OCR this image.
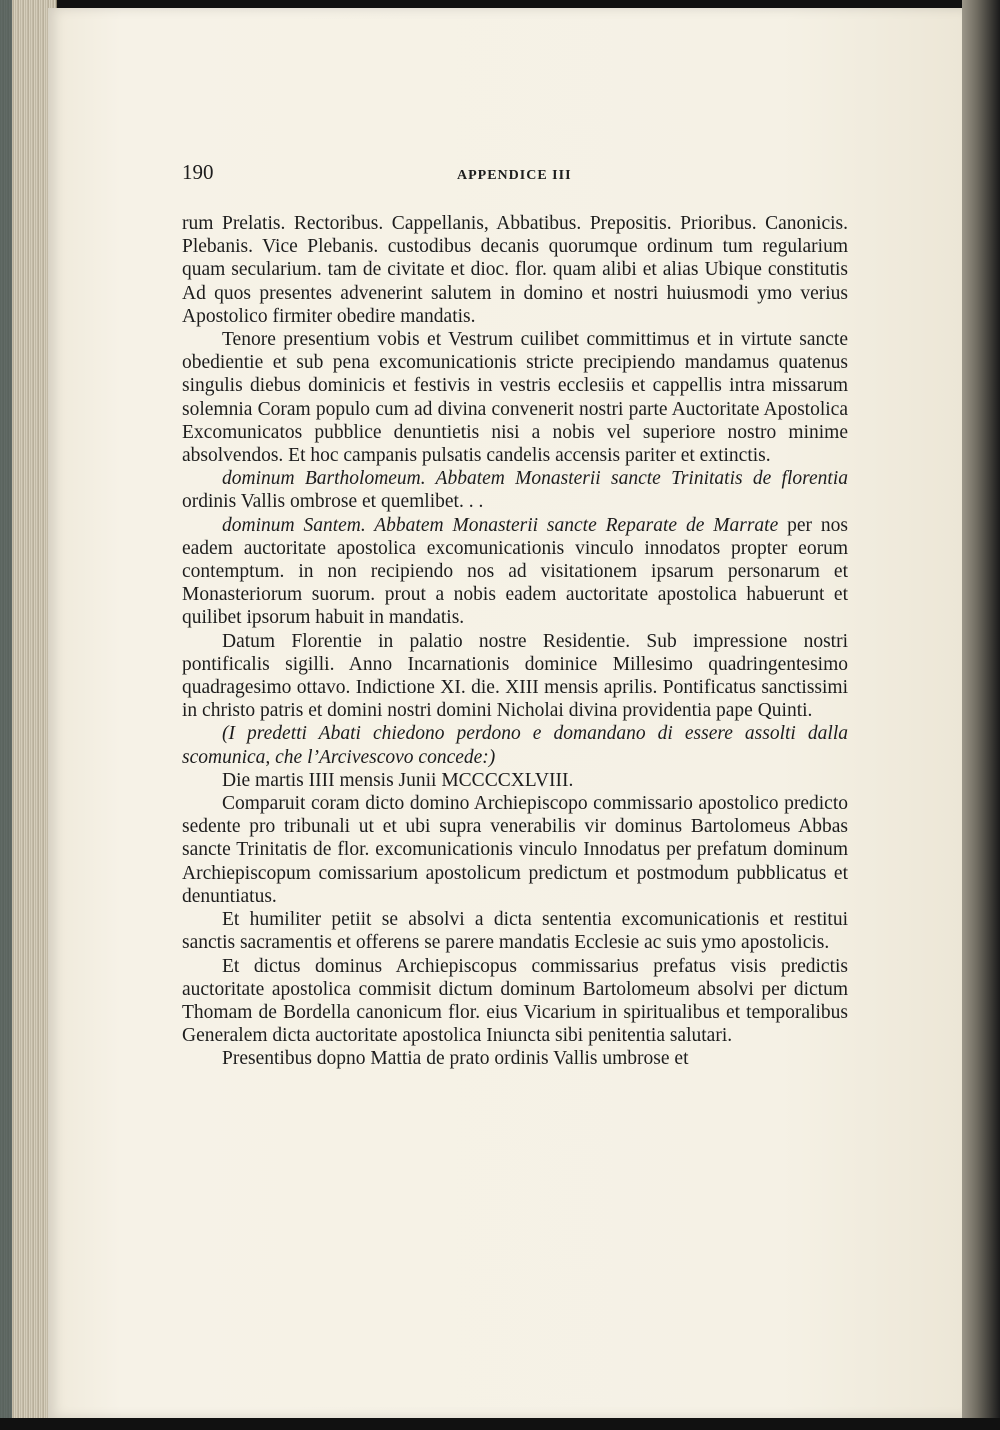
190	APPENDICE III

rum Prelatis. Rectoribus. Cappellanis, Abbatibus. Prepositis. Prioribus. Canonicis. Plebanis. Vice Plebanis. custodibus decanis quorumque ordinum tum regularium quam secularium. tam de civitate et dioc. flor. quam alibi et alias Ubique constitutis Ad quos presentes advenerint salutem in domino et nostri huiusmodi ymo verius Apostolico firmiter obedire mandatis.

Tenore presentium vobis et Vestrum cuilibet committimus et in virtute sancte obedientie et sub pena excomunicationis stricte precipiendo mandamus quatenus singulis diebus dominicis et festivis in vestris ecclesiis et cappellis intra missarum solemnia Coram populo cum ad divina convenerit nostri parte Auctoritate Apostolica Excomunicatos pubblice denuntietis nisi a nobis vel superiore nostro minime absolvendos. Et hoc campanis pulsatis candelis accensis pariter et extinctis.

dominum Bartholomeum. Abbatem Monasterii sancte Trinitatis de florentia ordinis Vallis ombrose et quemlibet. . .

dominum Santem. Abbatem Monasterii sancte Reparate de Marrate per nos eadem auctoritate apostolica excomunicationis vinculo innodatos propter eorum contemptum. in non recipiendo nos ad visitationem ipsarum personarum et Monasteriorum suorum. prout a nobis eadem auctoritate apostolica habuerunt et quilibet ipsorum habuit in mandatis.

Datum Florentie in palatio nostre Residentie. Sub impressione nostri pontificalis sigilli. Anno Incarnationis dominice Millesimo quadringentesimo quadragesimo ottavo. Indictione XI. die. XIII mensis aprilis. Pontificatus sanctissimi in christo patris et domini nostri domini Nicholai divina providentia pape Quinti.

(I predetti Abati chiedono perdono e domandano di essere assolti dalla scomunica, che l’Arcivescovo concede:)

Die martis IIII mensis Junii MCCCCXLVIII.

Comparuit coram dicto domino Archiepiscopo commissario apostolico predicto sedente pro tribunali ut et ubi supra venerabilis vir dominus Bartolomeus Abbas sancte Trinitatis de flor. excomunicationis vinculo Innodatus per prefatum dominum Archiepiscopum comissarium apostolicum predictum et postmodum pubblicatus et denuntiatus.

Et humiliter petiit se absolvi a dicta sententia excomunicationis et restitui sanctis sacramentis et offerens se parere mandatis Ecclesie ac suis ymo apostolicis.

Et dictus dominus Archiepiscopus commissarius prefatus visis predictis auctoritate apostolica commisit dictum dominum Bartolomeum absolvi per dictum Thomam de Bordella canonicum flor. eius Vicarium in spiritualibus et temporalibus Generalem dicta auctoritate apostolica Iniuncta sibi penitentia salutari.

Presentibus dopno Mattia de prato ordinis Vallis umbrose et
